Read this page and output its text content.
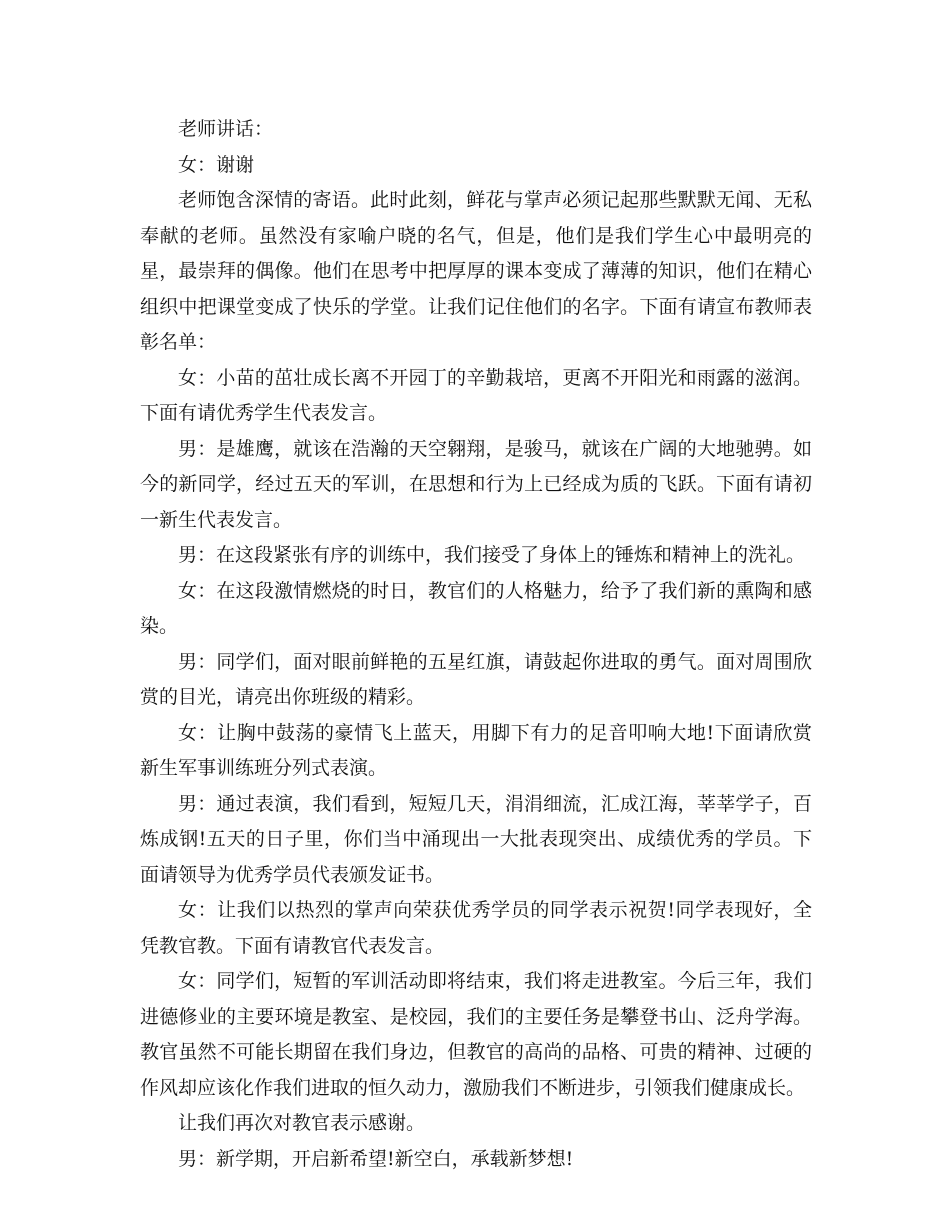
老师讲话：

女：谢谢

老师饱含深情的寄语。此时此刻，鲜花与掌声必须记起那些默默无闻、无私奉献的老师。虽然没有家喻户晓的名气，但是，他们是我们学生心中最明亮的星，最崇拜的偶像。他们在思考中把厚厚的课本变成了薄薄的知识，他们在精心组织中把课堂变成了快乐的学堂。让我们记住他们的名字。下面有请宣布教师表彰名单：

女：小苗的茁壮成长离不开园丁的辛勤栽培，更离不开阳光和雨露的滋润。下面有请优秀学生代表发言。

男：是雄鹰，就该在浩瀚的天空翱翔，是骏马，就该在广阔的大地驰骋。如今的新同学，经过五天的军训，在思想和行为上已经成为质的飞跃。下面有请初一新生代表发言。

男：在这段紧张有序的训练中，我们接受了身体上的锤炼和精神上的洗礼。

女：在这段激情燃烧的时日，教官们的人格魅力，给予了我们新的熏陶和感染。

男：同学们，面对眼前鲜艳的五星红旗，请鼓起你进取的勇气。面对周围欣赏的目光，请亮出你班级的精彩。

女：让胸中鼓荡的豪情飞上蓝天，用脚下有力的足音叩响大地!下面请欣赏新生军事训练班分列式表演。

男：通过表演，我们看到，短短几天，涓涓细流，汇成江海，莘莘学子，百炼成钢!五天的日子里，你们当中涌现出一大批表现突出、成绩优秀的学员。下面请领导为优秀学员代表颁发证书。

女：让我们以热烈的掌声向荣获优秀学员的同学表示祝贺!同学表现好，全凭教官教。下面有请教官代表发言。

女：同学们，短暂的军训活动即将结束，我们将走进教室。今后三年，我们进德修业的主要环境是教室、是校园，我们的主要任务是攀登书山、泛舟学海。教官虽然不可能长期留在我们身边，但教官的高尚的品格、可贵的精神、过硬的作风却应该化作我们进取的恒久动力，激励我们不断进步，引领我们健康成长。

让我们再次对教官表示感谢。

男：新学期，开启新希望!新空白，承载新梦想!
